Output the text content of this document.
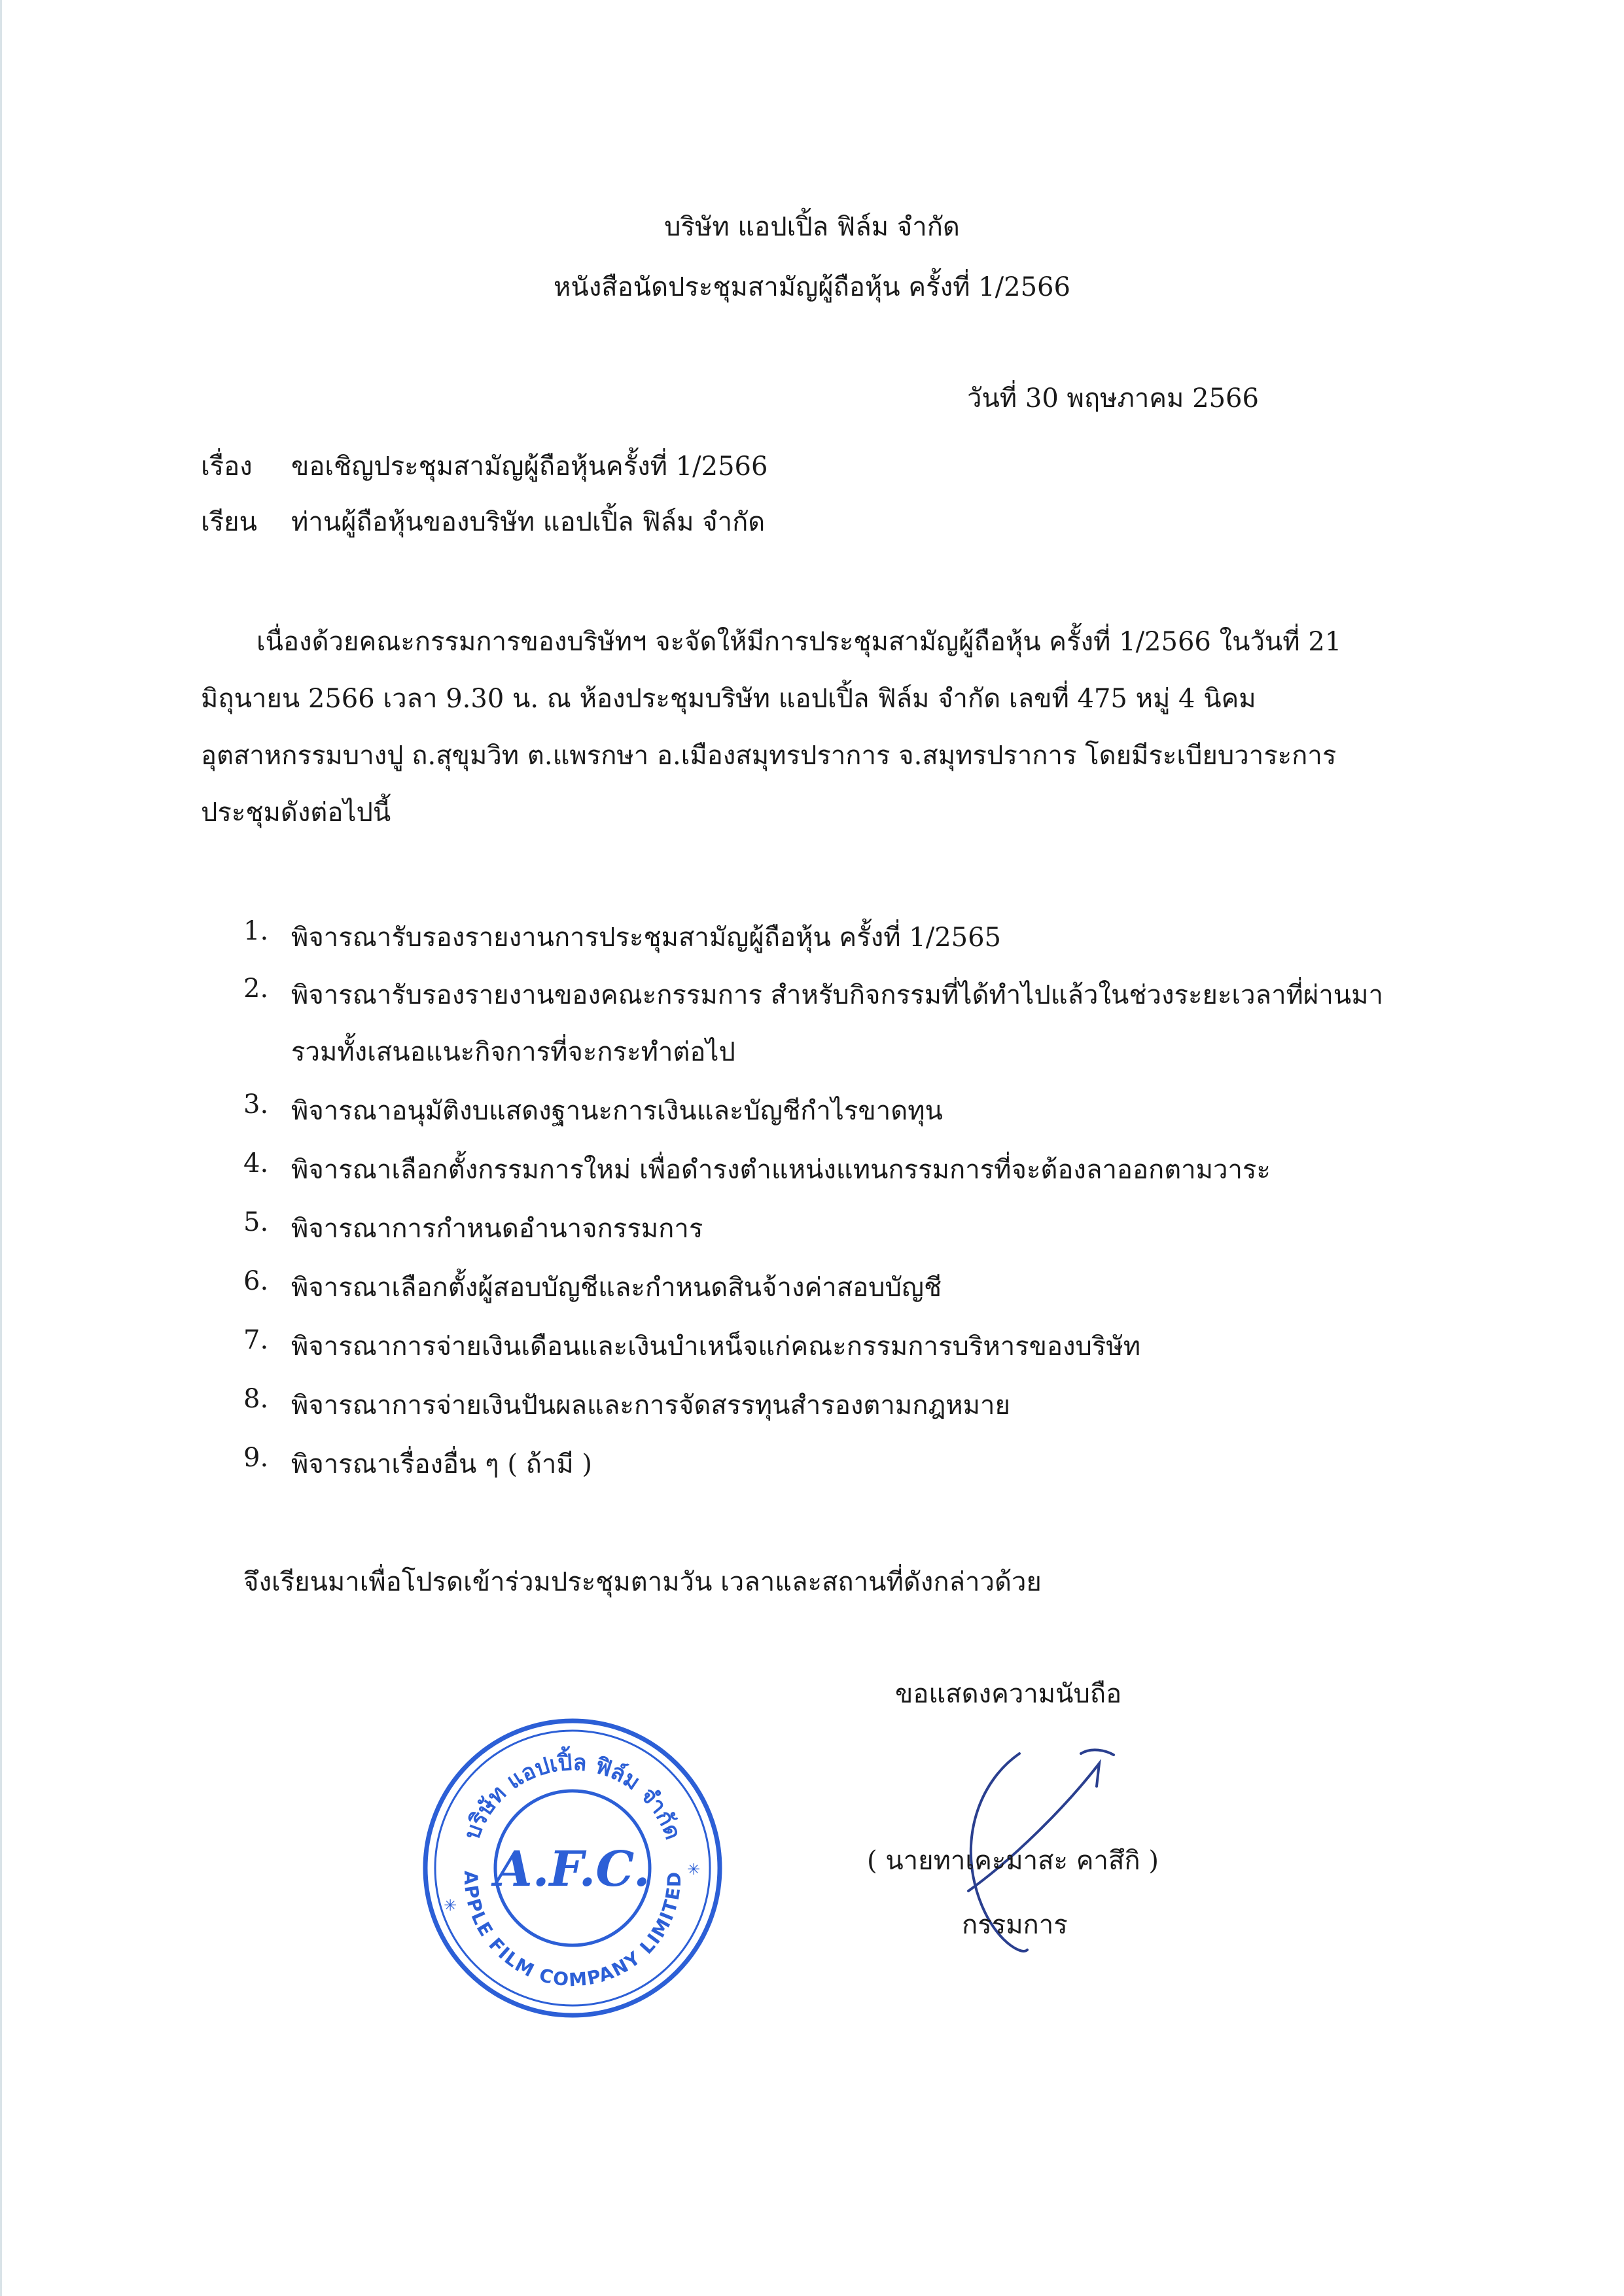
บริษัท แอปเปิ้ล ฟิล์ม จำกัด
หนังสือนัดประชุมสามัญผู้ถือหุ้น ครั้งที่ 1/2566
วันที่ 30 พฤษภาคม 2566
เรื่อง ขอเชิญประชุมสามัญผู้ถือหุ้นครั้งที่ 1/2566
เรียน ท่านผู้ถือหุ้นของบริษัท แอปเปิ้ล ฟิล์ม จำกัด
เนื่องด้วยคณะกรรมการของบริษัทฯ จะจัดให้มีการประชุมสามัญผู้ถือหุ้น ครั้งที่ 1/2566 ในวันที่ 21
มิถุนายน 2566 เวลา 9.30 น. ณ ห้องประชุมบริษัท แอปเปิ้ล ฟิล์ม จำกัด เลขที่ 475 หมู่ 4 นิคม
อุตสาหกรรมบางปู ถ.สุขุมวิท ต.แพรกษา อ.เมืองสมุทรปราการ จ.สมุทรปราการ โดยมีระเบียบวาระการ
ประชุมดังต่อไปนี้
1. พิจารณารับรองรายงานการประชุมสามัญผู้ถือหุ้น ครั้งที่ 1/2565
2. พิจารณารับรองรายงานของคณะกรรมการ สำหรับกิจกรรมที่ได้ทำไปแล้วในช่วงระยะเวลาที่ผ่านมา
รวมทั้งเสนอแนะกิจการที่จะกระทำต่อไป
3. พิจารณาอนุมัติงบแสดงฐานะการเงินและบัญชีกำไรขาดทุน
4. พิจารณาเลือกตั้งกรรมการใหม่ เพื่อดำรงตำแหน่งแทนกรรมการที่จะต้องลาออกตามวาระ
5. พิจารณาการกำหนดอำนาจกรรมการ
6. พิจารณาเลือกตั้งผู้สอบบัญชีและกำหนดสินจ้างค่าสอบบัญชี
7. พิจารณาการจ่ายเงินเดือนและเงินบำเหน็จแก่คณะกรรมการบริหารของบริษัท
8. พิจารณาการจ่ายเงินปันผลและการจัดสรรทุนสำรองตามกฎหมาย
9. พิจารณาเรื่องอื่น ๆ ( ถ้ามี )
จึงเรียนมาเพื่อโปรดเข้าร่วมประชุมตามวัน เวลาและสถานที่ดังกล่าวด้วย
ขอแสดงความนับถือ
( นายทาเคะมาสะ คาสึกิ )
กรรมการ
บริษัท แอปเปิ้ล ฟิล์ม จำกัด
APPLE FILM COMPANY LIMITED
A.F.C.
✳
✳
